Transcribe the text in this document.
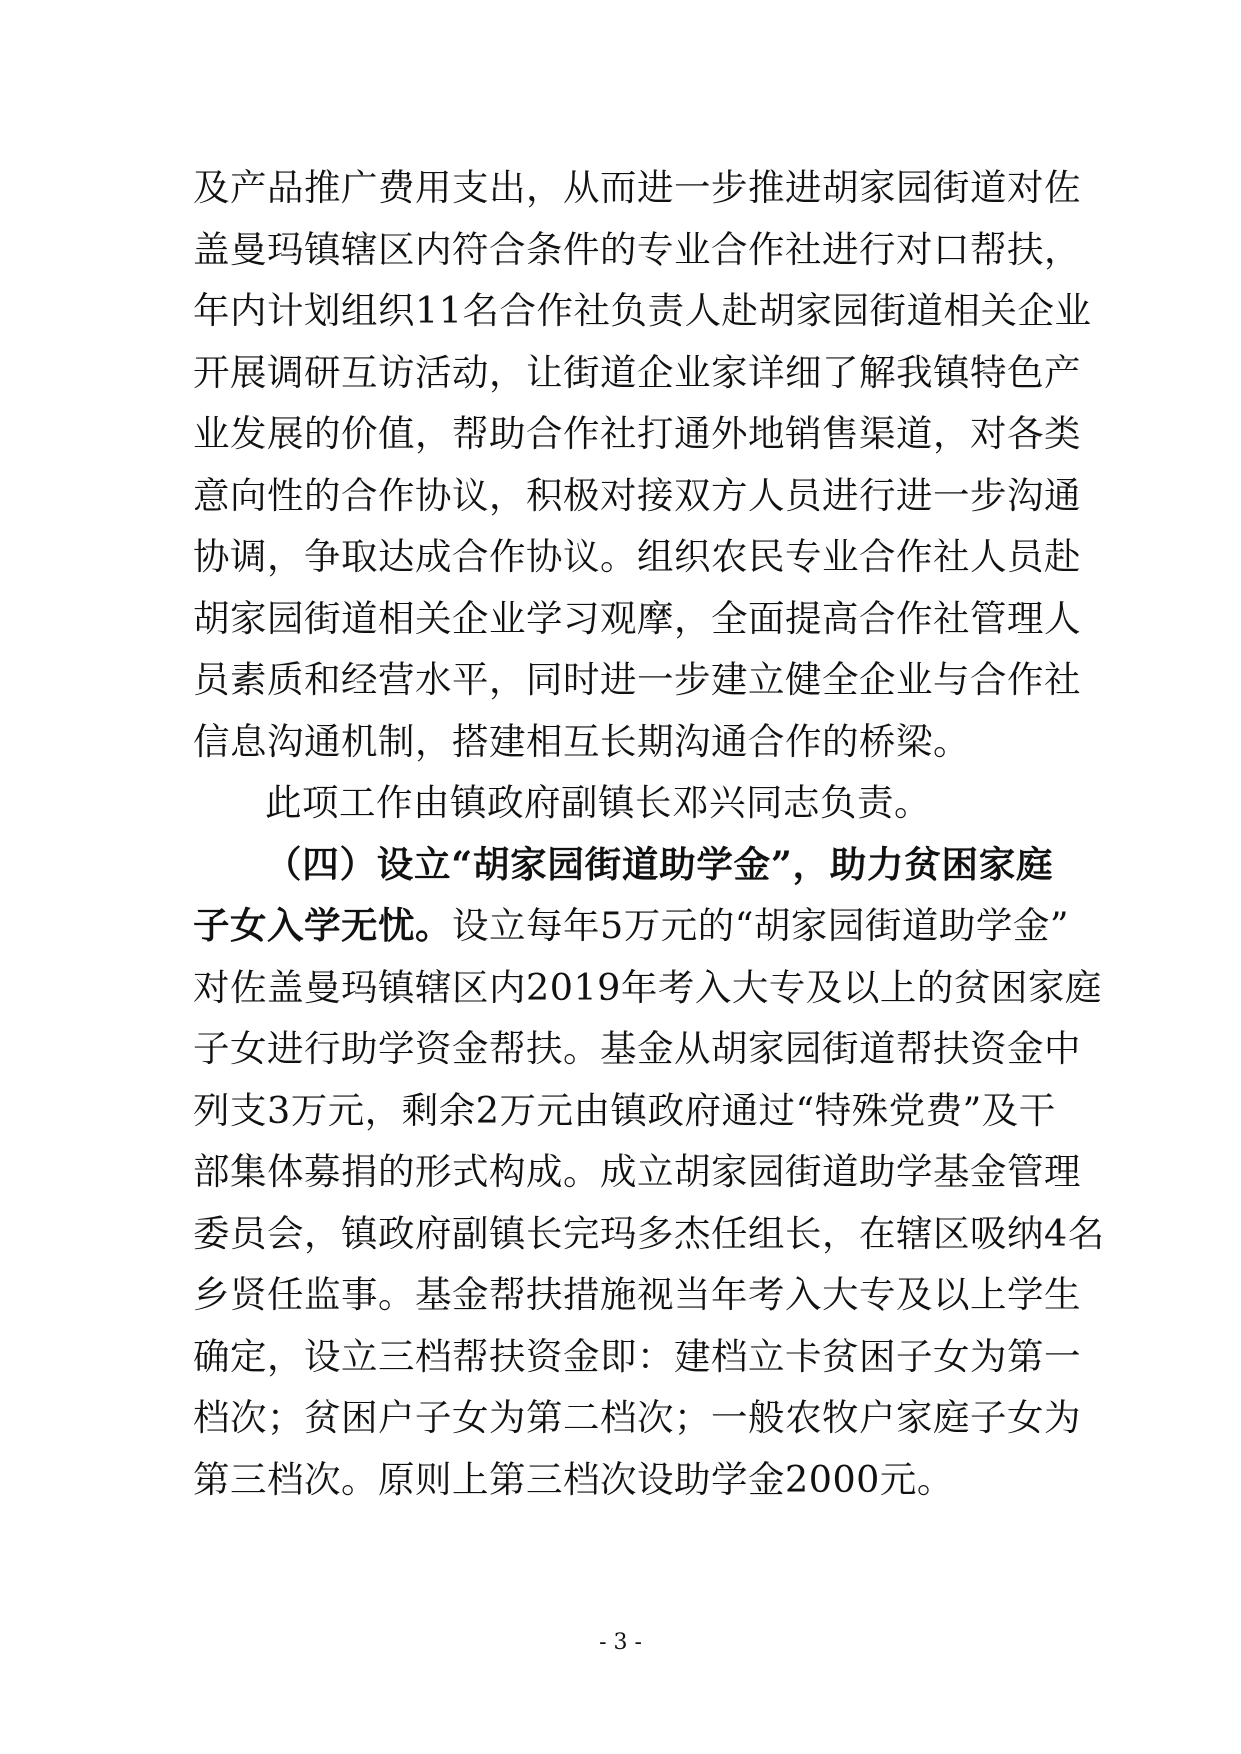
及产品推广费用支出，从而进一步推进胡家园街道对佐
盖曼玛镇辖区内符合条件的专业合作社进行对口帮扶，
年内计划组织11名合作社负责人赴胡家园街道相关企业
开展调研互访活动，让街道企业家详细了解我镇特色产
业发展的价值，帮助合作社打通外地销售渠道，对各类
意向性的合作协议，积极对接双方人员进行进一步沟通
协调，争取达成合作协议。组织农民专业合作社人员赴
胡家园街道相关企业学习观摩，全面提高合作社管理人
员素质和经营水平，同时进一步建立健全企业与合作社
信息沟通机制，搭建相互长期沟通合作的桥梁。
此项工作由镇政府副镇长邓兴同志负责。
（四）设立“胡家园街道助学金”，助力贫困家庭
子女入学无忧。设立每年5万元的“胡家园街道助学金”
对佐盖曼玛镇辖区内2019年考入大专及以上的贫困家庭
子女进行助学资金帮扶。基金从胡家园街道帮扶资金中
列支3万元，剩余2万元由镇政府通过“特殊党费”及干
部集体募捐的形式构成。成立胡家园街道助学基金管理
委员会，镇政府副镇长完玛多杰任组长，在辖区吸纳4名
乡贤任监事。基金帮扶措施视当年考入大专及以上学生
确定，设立三档帮扶资金即：建档立卡贫困子女为第一
档次；贫困户子女为第二档次；一般农牧户家庭子女为
第三档次。原则上第三档次设助学金2000元。
- 3 -
